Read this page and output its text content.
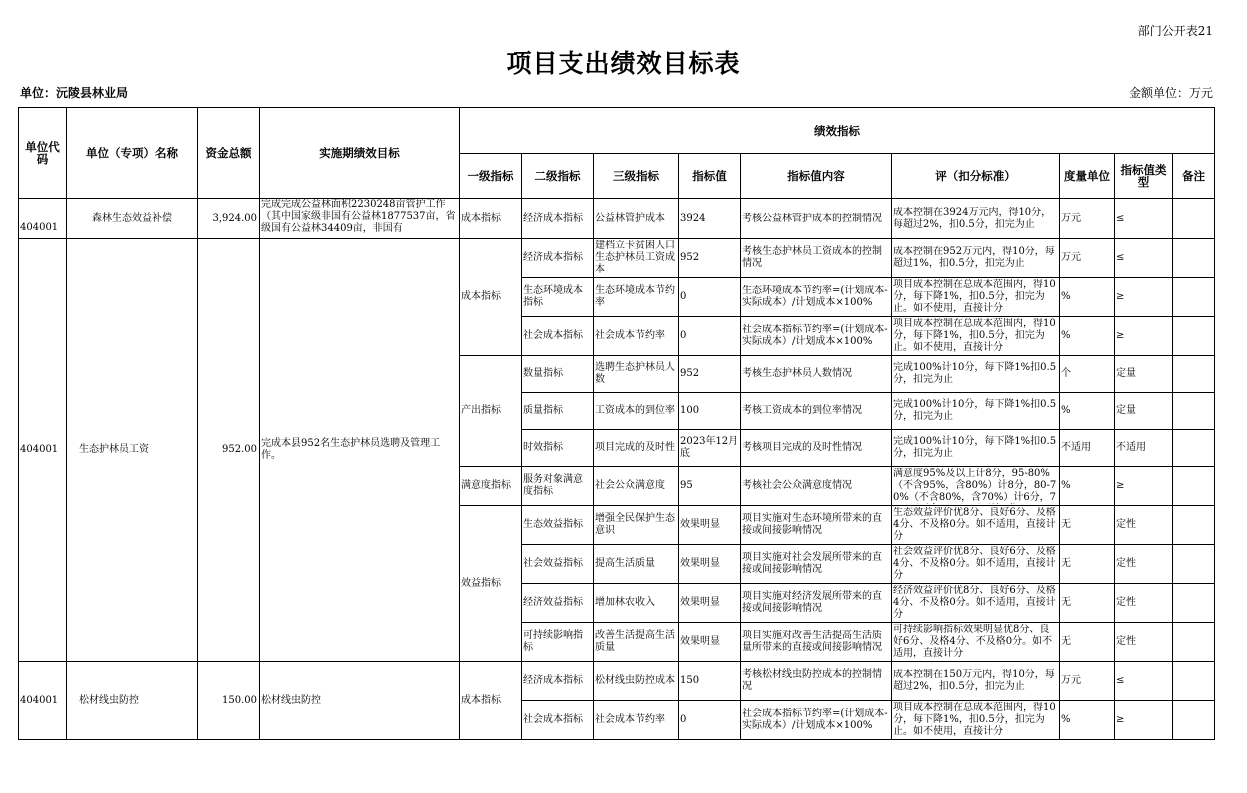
部门公开表21
项目支出绩效目标表
单位：沅陵县林业局	金额单位：万元
单位代码	单位（专项）名称	资金总额	实施期绩效目标	绩效指标								
				一级指标	二级指标	三级指标	指标值	指标值内容	评（扣分标准）	度量单位	指标值类型	备注
404001	森林生态效益补偿	3,924.00	完成完成公益林面积2230248亩管护工作（其中国家级非国有公益林1877537亩，省级国有公益林34409亩，非国有	成本指标	经济成本指标	公益林管护成本	3924	考核公益林管护成本的控制情况	成本控制在3924万元内，得10分，每超过2%，扣0.5分，扣完为止	万元	≤	
404001	生态护林员工资	952.00	完成本县952名生态护林员选聘及管理工作。	成本指标	经济成本指标	建档立卡贫困人口生态护林员工资成本	952	考核生态护林员工资成本的控制情况	成本控制在952万元内，得10分，每超过1%，扣0.5分，扣完为止	万元	≤	
					生态环境成本指标	生态环境成本节约率	0	生态环境成本节约率=(计划成本-实际成本）/计划成本×100%	项目成本控制在总成本范围内，得10分，每下降1%，扣0.5分，扣完为止。如不使用，直接计分	%	≥	
					社会成本指标	社会成本节约率	0	社会成本指标节约率=(计划成本-实际成本）/计划成本×100%	项目成本控制在总成本范围内，得10分，每下降1%，扣0.5分，扣完为止。如不使用，直接计分	%	≥	
				产出指标	数量指标	选聘生态护林员人数	952	考核生态护林员人数情况	完成100%计10分，每下降1%扣0.5分，扣完为止	个	定量	
					质量指标	工资成本的到位率	100	考核工资成本的到位率情况	完成100%计10分，每下降1%扣0.5分，扣完为止	%	定量	
					时效指标	项目完成的及时性	2023年12月底	考核项目完成的及时性情况	完成100%计10分，每下降1%扣0.5分，扣完为止	不适用	不适用	
				满意度指标	服务对象满意度指标	社会公众满意度	95	考核社会公众满意度情况	满意度95%及以上计8分，95-80%（不含95%，含80%）计8分，80-70%（不含80%，含70%）计6分，7	%	≥	
				效益指标	生态效益指标	增强全民保护生态意识	效果明显	项目实施对生态环境所带来的直接或间接影响情况	生态效益评价优8分、良好6分、及格4分、不及格0分。如不适用，直接计分	无	定性	
					社会效益指标	提高生活质量	效果明显	项目实施对社会发展所带来的直接或间接影响情况	社会效益评价优8分、良好6分、及格4分、不及格0分。如不适用，直接计分	无	定性	
					经济效益指标	增加林农收入	效果明显	项目实施对经济发展所带来的直接或间接影响情况	经济效益评价优8分、良好6分、及格4分、不及格0分。如不适用，直接计分	无	定性	
					可持续影响指标	改善生活提高生活质量	效果明显	项目实施对改善生活提高生活质量所带来的直接或间接影响情况	可持续影响指标效果明显优8分、良好6分、及格4分、不及格0分。如不适用，直接计分	无	定性	
404001	松材线虫防控	150.00	松材线虫防控	成本指标	经济成本指标	松材线虫防控成本	150	考核松材线虫防控成本的控制情况	成本控制在150万元内，得10分，每超过2%，扣0.5分，扣完为止	万元	≤	
					社会成本指标	社会成本节约率	0	社会成本指标节约率=(计划成本-实际成本）/计划成本×100%	项目成本控制在总成本范围内，得10分，每下降1%，扣0.5分，扣完为止。如不使用，直接计分	%	≥	
